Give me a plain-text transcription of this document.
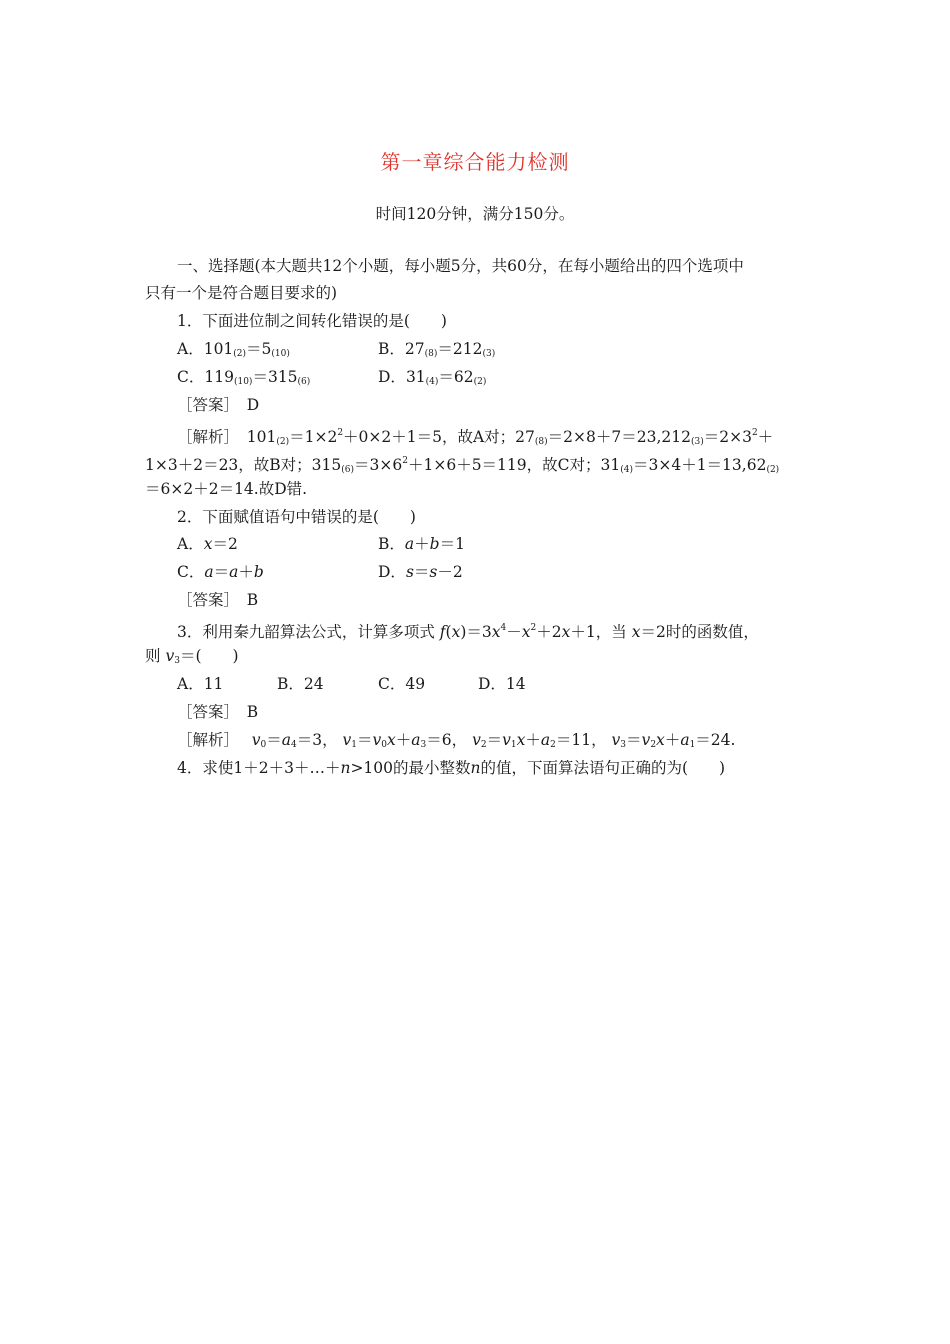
第一章综合能力检测
时间120分钟，满分150分。
一、选择题(本大题共12个小题，每小题5分，共60分，在每小题给出的四个选项中
只有一个是符合题目要求的)
1．下面进位制之间转化错误的是(　　)
A．$101_{(2)}=5_{(10)}$	B．$27_{(8)}=212_{(3)}$
C．$119_{(10)}=315_{(6)}$	D．$31_{(4)}=62_{(2)}$
［答案］　D
［解析］　$101_{(2)}=1\times 2^2+0\times 2+1=5$，故A对；$27_{(8)}=2\times 8+7=23,212_{(3)}=2\times 3^2+$
1×3＋2＝23，故B对；$315_{(6)}=3\times 6^2+1\times 6+5=119$，故C对；$31_{(4)}=3\times 4+1=13,62_{(2)}$
＝6×2＋2＝14.故D错.
2．下面赋值语句中错误的是(　　)
A．x＝2	B．a＋b＝1
C．a＝a＋b	D．s＝s－2
［答案］　B
3．利用秦九韶算法公式，计算多项式 $f(x)=3x^4-x^2+2x+1$，当 x＝2时的函数值，
则 $v_3=$(　　)
A．11	B．24	C．49	D．14
［答案］　B
［解析］　 $v_0=a_4=3$， $v_1=v_0x+a_3=6$， $v_2=v_1x+a_2=11$， $v_3=v_2x+a_1=24$.
4．求使1＋2＋3＋…＋n>100的最小整数n的值，下面算法语句正确的为(　　)
